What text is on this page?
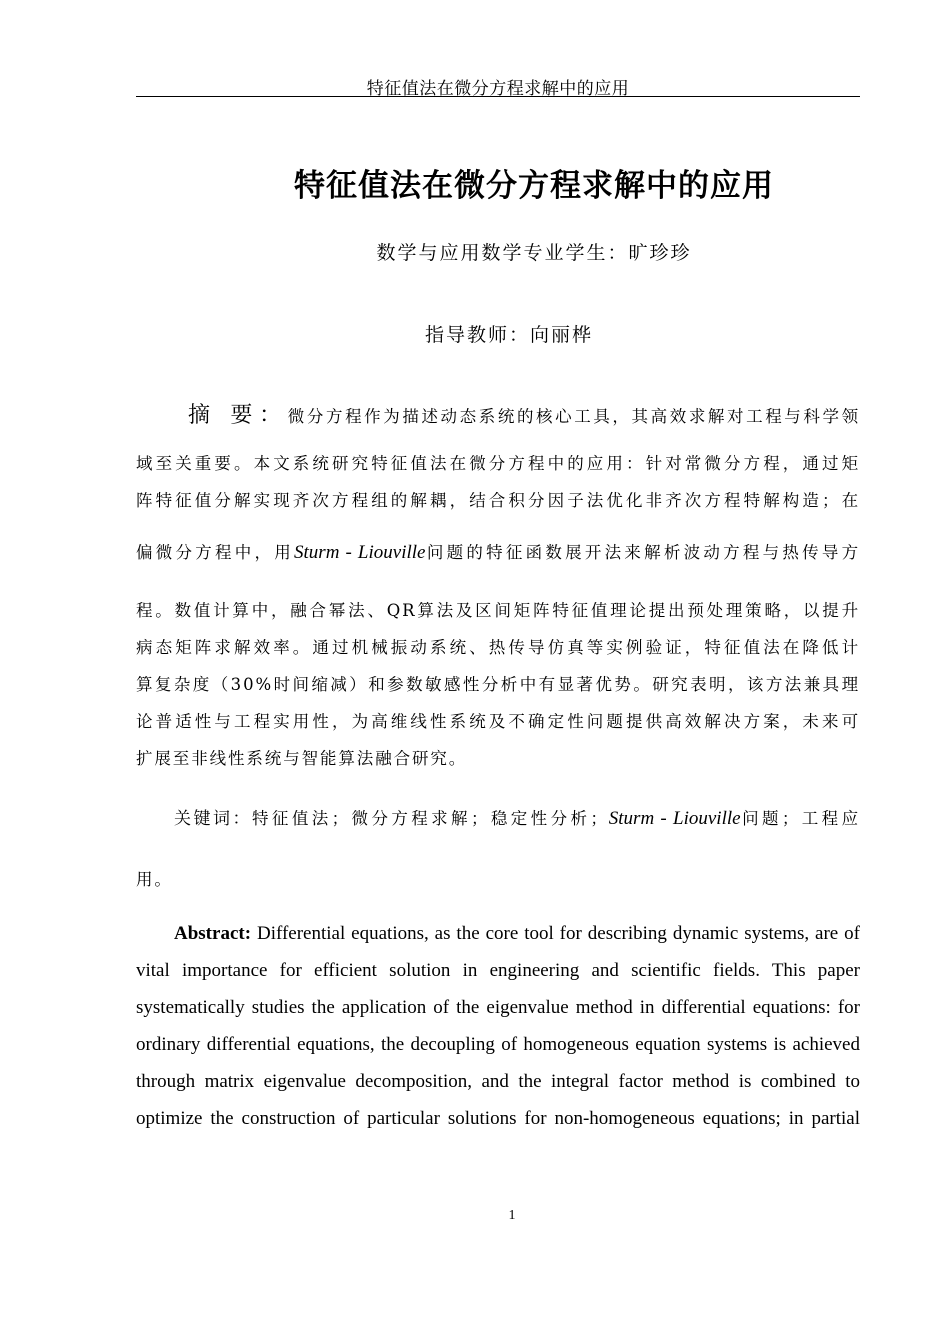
特征值法在微分方程求解中的应用
特征值法在微分方程求解中的应用
数学与应用数学专业学生：旷珍珍
指导教师：向丽桦
摘 要：微分方程作为描述动态系统的核心工具，其高效求解对工程与科学领
域至关重要。本文系统研究特征值法在微分方程中的应用：针对常微分方程，通过矩
阵特征值分解实现齐次方程组的解耦，结合积分因子法优化非齐次方程特解构造；在
偏微分方程中，用Sturm - Liouville问题的特征函数展开法来解析波动方程与热传导方
程。数值计算中，融合幂法、QR算法及区间矩阵特征值理论提出预处理策略，以提升
病态矩阵求解效率。通过机械振动系统、热传导仿真等实例验证，特征值法在降低计
算复杂度（30%时间缩减）和参数敏感性分析中有显著优势。研究表明，该方法兼具理
论普适性与工程实用性，为高维线性系统及不确定性问题提供高效解决方案，未来可
扩展至非线性系统与智能算法融合研究。
关键词：特征值法；微分方程求解；稳定性分析；Sturm - Liouville问题；工程应
用。
Abstract: Differential equations, as the core tool for describing dynamic systems, are of
vital importance for efficient solution in engineering and scientific fields. This paper
systematically studies the application of the eigenvalue method in differential equations: for
ordinary differential equations, the decoupling of homogeneous equation systems is achieved
through matrix eigenvalue decomposition, and the integral factor method is combined to
optimize the construction of particular solutions for non-homogeneous equations; in partial
1
